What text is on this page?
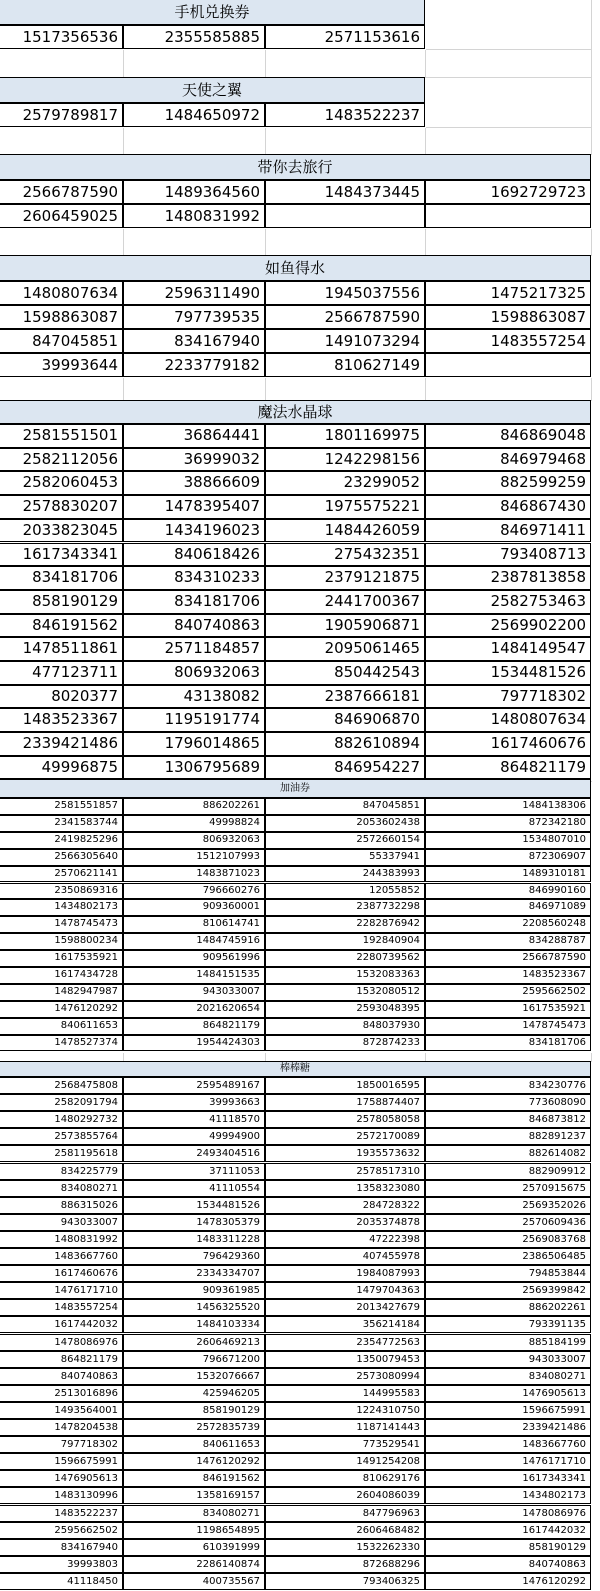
手机兑换券
1517356536	2355585885	2571153616
天使之翼
2579789817	1484650972	1483522237
带你去旅行
2566787590	1489364560	1484373445	1692729723
2606459025	1480831992
如鱼得水
1480807634	2596311490	1945037556	1475217325
1598863087	797739535	2566787590	1598863087
847045851	834167940	1491073294	1483557254
39993644	2233779182	810627149
魔法水晶球
2581551501	36864441	1801169975	846869048
2582112056	36999032	1242298156	846979468
2582060453	38866609	23299052	882599259
2578830207	1478395407	1975575221	846867430
2033823045	1434196023	1484426059	846971411
1617343341	840618426	275432351	793408713
834181706	834310233	2379121875	2387813858
858190129	834181706	2441700367	2582753463
846191562	840740863	1905906871	2569902200
1478511861	2571184857	2095061465	1484149547
477123711	806932063	850442543	1534481526
8020377	43138082	2387666181	797718302
1483523367	1195191774	846906870	1480807634
2339421486	1796014865	882610894	1617460676
49996875	1306795689	846954227	864821179
加油券
2581551857	886202261	847045851	1484138306
2341583744	49998824	2053602438	872342180
2419825296	806932063	2572660154	1534807010
2566305640	1512107993	55337941	872306907
2570621141	1483871023	244383993	1489310181
2350869316	796660276	12055852	846990160
1434802173	909360001	2387732298	846971089
1478745473	810614741	2282876942	2208560248
1598800234	1484745916	192840904	834288787
1617535921	909561996	2280739562	2566787590
1617434728	1484151535	1532083363	1483523367
1482947987	943033007	1532080512	2595662502
1476120292	2021620654	2593048395	1617535921
840611653	864821179	848037930	1478745473
1478527374	1954424303	872874233	834181706
棒棒糖
2568475808	2595489167	1850016595	834230776
2582091794	39993663	1758874407	773608090
1480292732	41118570	2578058058	846873812
2573855764	49994900	2572170089	882891237
2581195618	2493404516	1935573632	882614082
834225779	37111053	2578517310	882909912
834080271	41110554	1358323080	2570915675
886315026	1534481526	284728322	2569352026
943033007	1478305379	2035374878	2570609436
1480831992	1483311228	47222398	2569083768
1483667760	796429360	407455978	2386506485
1617460676	2334334707	1984087993	794853844
1476171710	909361985	1479704363	2569399842
1483557254	1456325520	2013427679	886202261
1617442032	1484103334	356214184	793391135
1478086976	2606469213	2354772563	885184199
864821179	796671200	1350079453	943033007
840740863	1532076667	2573080994	834080271
2513016896	425946205	144995583	1476905613
1493564001	858190129	1224310750	1596675991
1478204538	2572835739	1187141443	2339421486
797718302	840611653	773529541	1483667760
1596675991	1476120292	1491254208	1476171710
1476905613	846191562	810629176	1617343341
1483130996	1358169157	2604086039	1434802173
1483522237	834080271	847796963	1478086976
2595662502	1198654895	2606468482	1617442032
834167940	610391999	1532262330	858190129
39993803	2286140874	872688296	840740863
41118450	400735567	793406325	1476120292
